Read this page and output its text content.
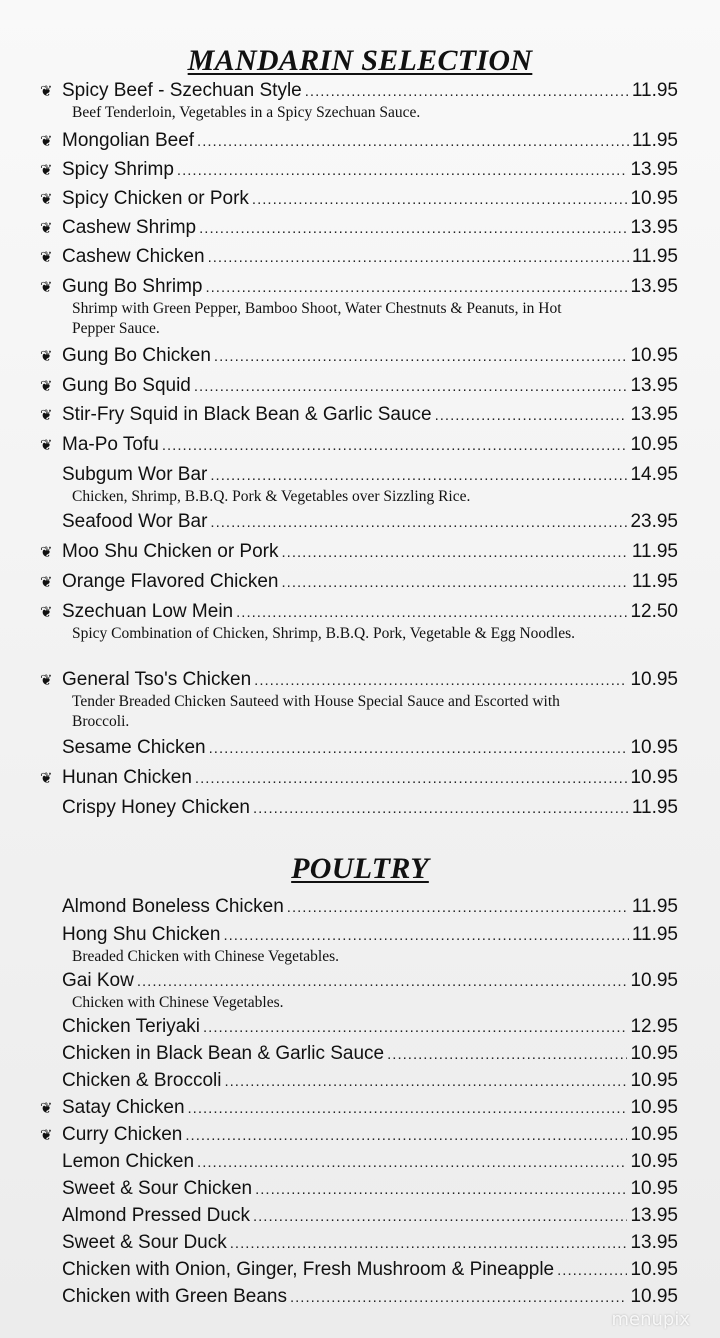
MANDARIN SELECTION
❦ Spicy Beef - Szechuan Style .....	11.95
Beef Tenderloin, Vegetables in a Spicy Szechuan Sauce.
❦ Mongolian Beef .....	11.95
❦ Spicy Shrimp .....	13.95
❦ Spicy Chicken or Pork .....	10.95
❦ Cashew Shrimp .....	13.95
❦ Cashew Chicken .....	11.95
❦ Gung Bo Shrimp .....	13.95
Shrimp with Green Pepper, Bamboo Shoot, Water Chestnuts & Peanuts, in Hot Pepper Sauce.
❦ Gung Bo Chicken .....	10.95
❦ Gung Bo Squid .....	13.95
❦ Stir-Fry Squid in Black Bean & Garlic Sauce .....	13.95
❦ Ma-Po Tofu .....	10.95
Subgum Wor Bar .....	14.95
Chicken, Shrimp, B.B.Q. Pork & Vegetables over Sizzling Rice.
Seafood Wor Bar .....	23.95
❦ Moo Shu Chicken or Pork .....	11.95
❦ Orange Flavored Chicken .....	11.95
❦ Szechuan Low Mein .....	12.50
Spicy Combination of Chicken, Shrimp, B.B.Q. Pork, Vegetable & Egg Noodles.
❦ General Tso's Chicken .....	10.95
Tender Breaded Chicken Sauteed with House Special Sauce and Escorted with Broccoli.
Sesame Chicken .....	10.95
❦ Hunan Chicken .....	10.95
Crispy Honey Chicken .....	11.95
POULTRY
Almond Boneless Chicken .....	11.95
Hong Shu Chicken .....	11.95
Breaded Chicken with Chinese Vegetables.
Gai Kow .....	10.95
Chicken with Chinese Vegetables.
Chicken Teriyaki .....	12.95
Chicken in Black Bean & Garlic Sauce .....	10.95
Chicken & Broccoli .....	10.95
❦ Satay Chicken .....	10.95
❦ Curry Chicken .....	10.95
Lemon Chicken .....	10.95
Sweet & Sour Chicken .....	10.95
Almond Pressed Duck .....	13.95
Sweet & Sour Duck .....	13.95
Chicken with Onion, Ginger, Fresh Mushroom & Pineapple .....	10.95
Chicken with Green Beans .....	10.95
menupix
